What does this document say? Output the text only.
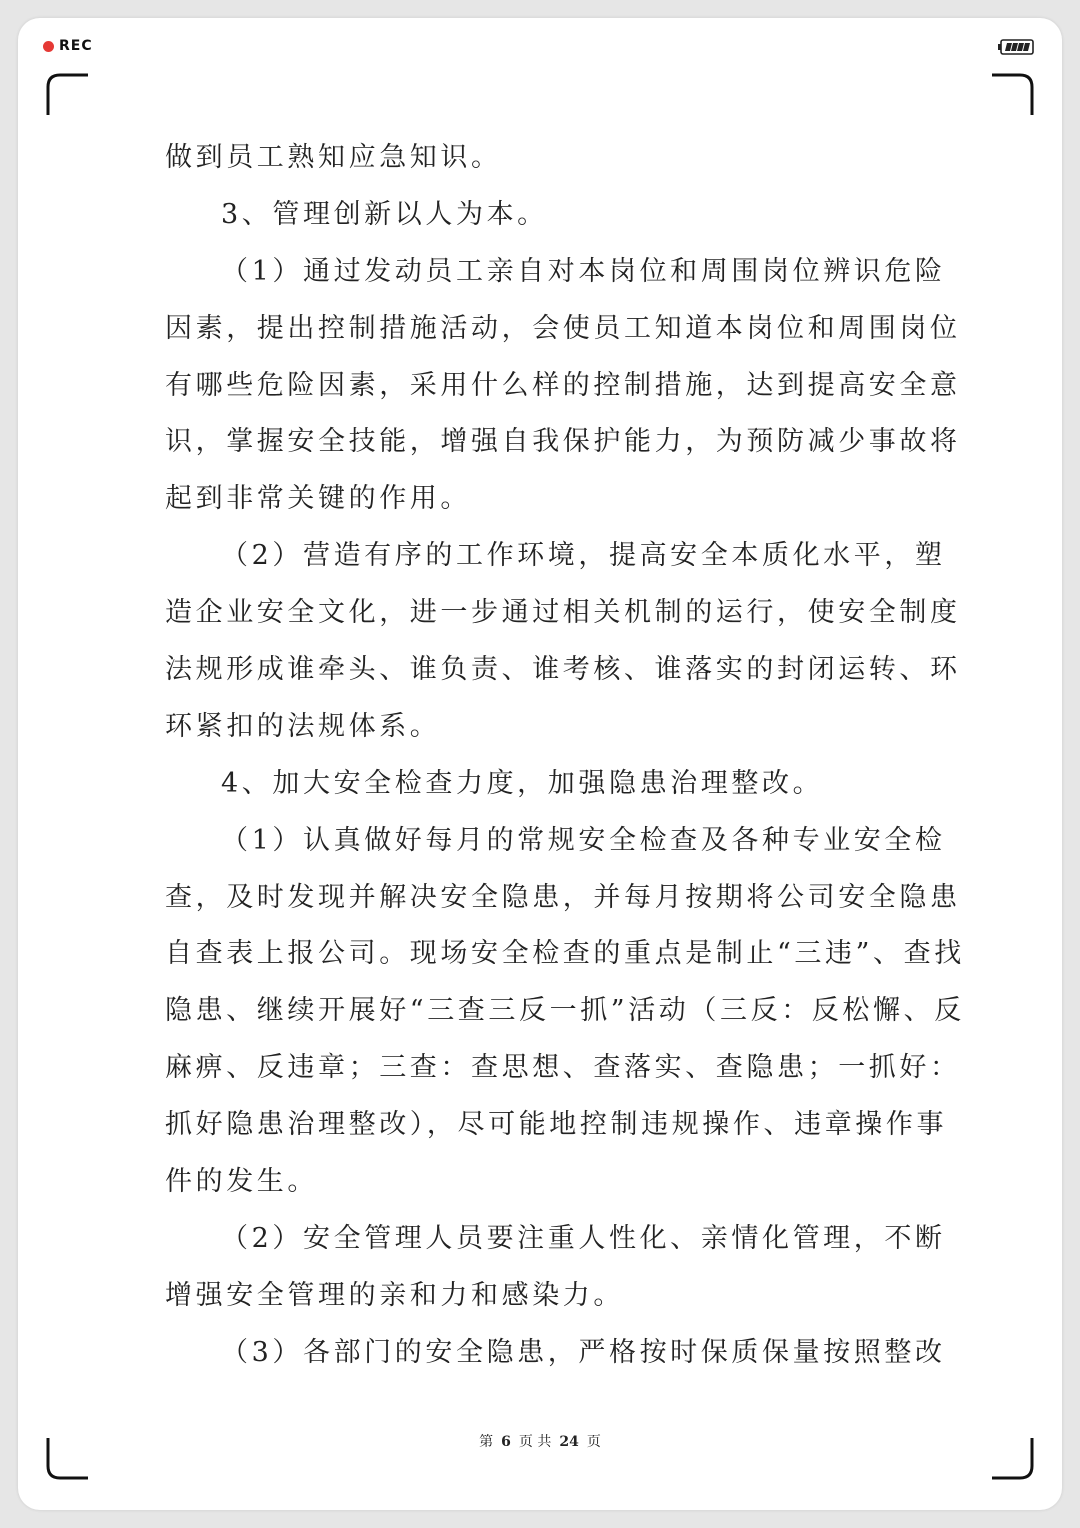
REC

做到员工熟知应急知识。

3、管理创新以人为本。

（1）通过发动员工亲自对本岗位和周围岗位辨识危险

因素，提出控制措施活动，会使员工知道本岗位和周围岗位

有哪些危险因素，采用什么样的控制措施，达到提高安全意

识，掌握安全技能，增强自我保护能力，为预防减少事故将

起到非常关键的作用。

（2）营造有序的工作环境，提高安全本质化水平，塑

造企业安全文化，进一步通过相关机制的运行，使安全制度

法规形成谁牵头、谁负责、谁考核、谁落实的封闭运转、环

环紧扣的法规体系。

4、加大安全检查力度，加强隐患治理整改。

（1）认真做好每月的常规安全检查及各种专业安全检

查，及时发现并解决安全隐患，并每月按期将公司安全隐患

自查表上报公司。现场安全检查的重点是制止“三违”、查找

隐患、继续开展好“三查三反一抓”活动（三反：反松懈、反

麻痹、反违章；三查：查思想、查落实、查隐患；一抓好：

抓好隐患治理整改），尽可能地控制违规操作、违章操作事

件的发生。

（2）安全管理人员要注重人性化、亲情化管理，不断

增强安全管理的亲和力和感染力。

（3）各部门的安全隐患，严格按时保质保量按照整改

第 6 页 共 24 页
